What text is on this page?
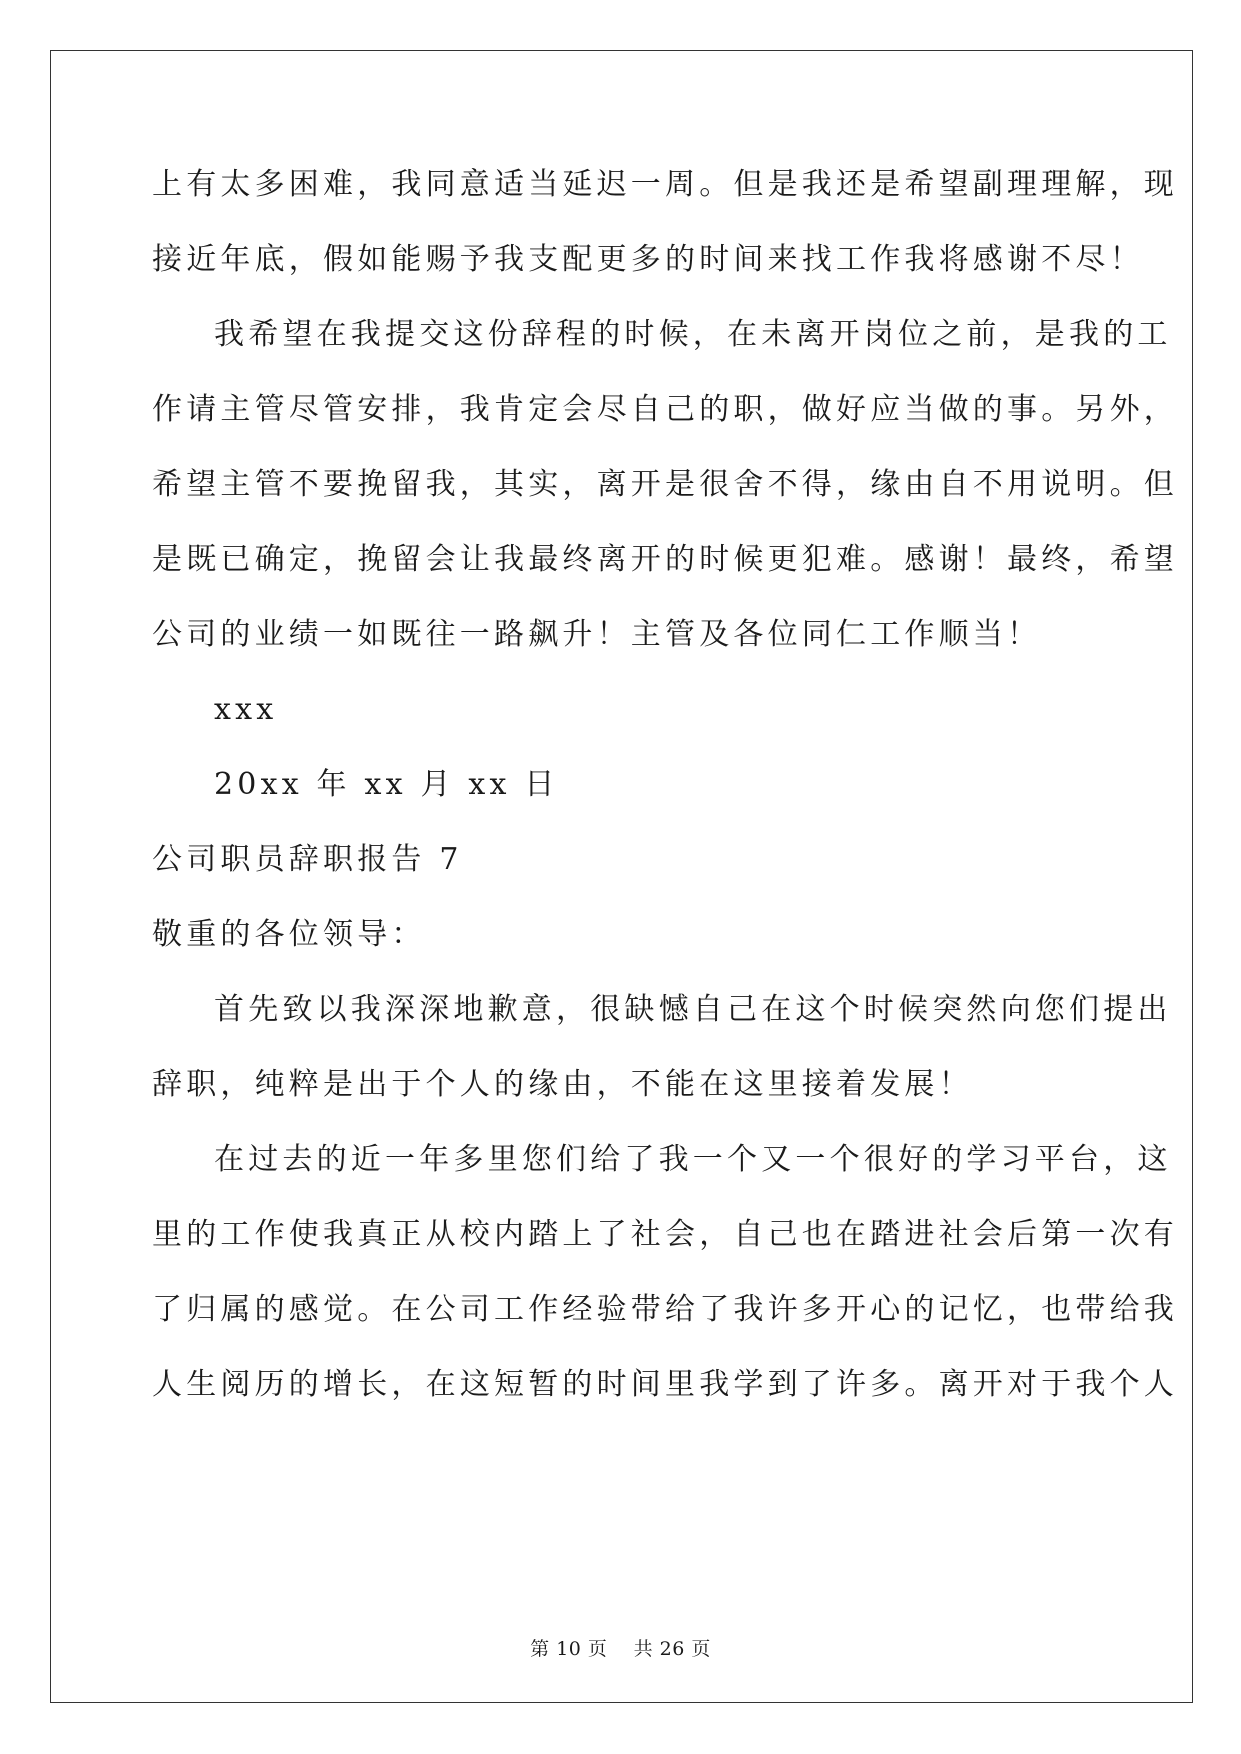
上有太多困难，我同意适当延迟一周。但是我还是希望副理理解，现
接近年底，假如能赐予我支配更多的时间来找工作我将感谢不尽！
我希望在我提交这份辞程的时候，在未离开岗位之前，是我的工
作请主管尽管安排，我肯定会尽自己的职，做好应当做的事。另外，
希望主管不要挽留我，其实，离开是很舍不得，缘由自不用说明。但
是既已确定，挽留会让我最终离开的时候更犯难。感谢！最终，希望
公司的业绩一如既往一路飙升！主管及各位同仁工作顺当！
xxx
20xx 年 xx 月 xx 日
公司职员辞职报告 7
敬重的各位领导：
首先致以我深深地歉意，很缺憾自己在这个时候突然向您们提出
辞职，纯粹是出于个人的缘由，不能在这里接着发展！
在过去的近一年多里您们给了我一个又一个很好的学习平台，这
里的工作使我真正从校内踏上了社会，自己也在踏进社会后第一次有
了归属的感觉。在公司工作经验带给了我许多开心的记忆，也带给我
人生阅历的增长，在这短暂的时间里我学到了许多。离开对于我个人
第 10 页    共 26 页
